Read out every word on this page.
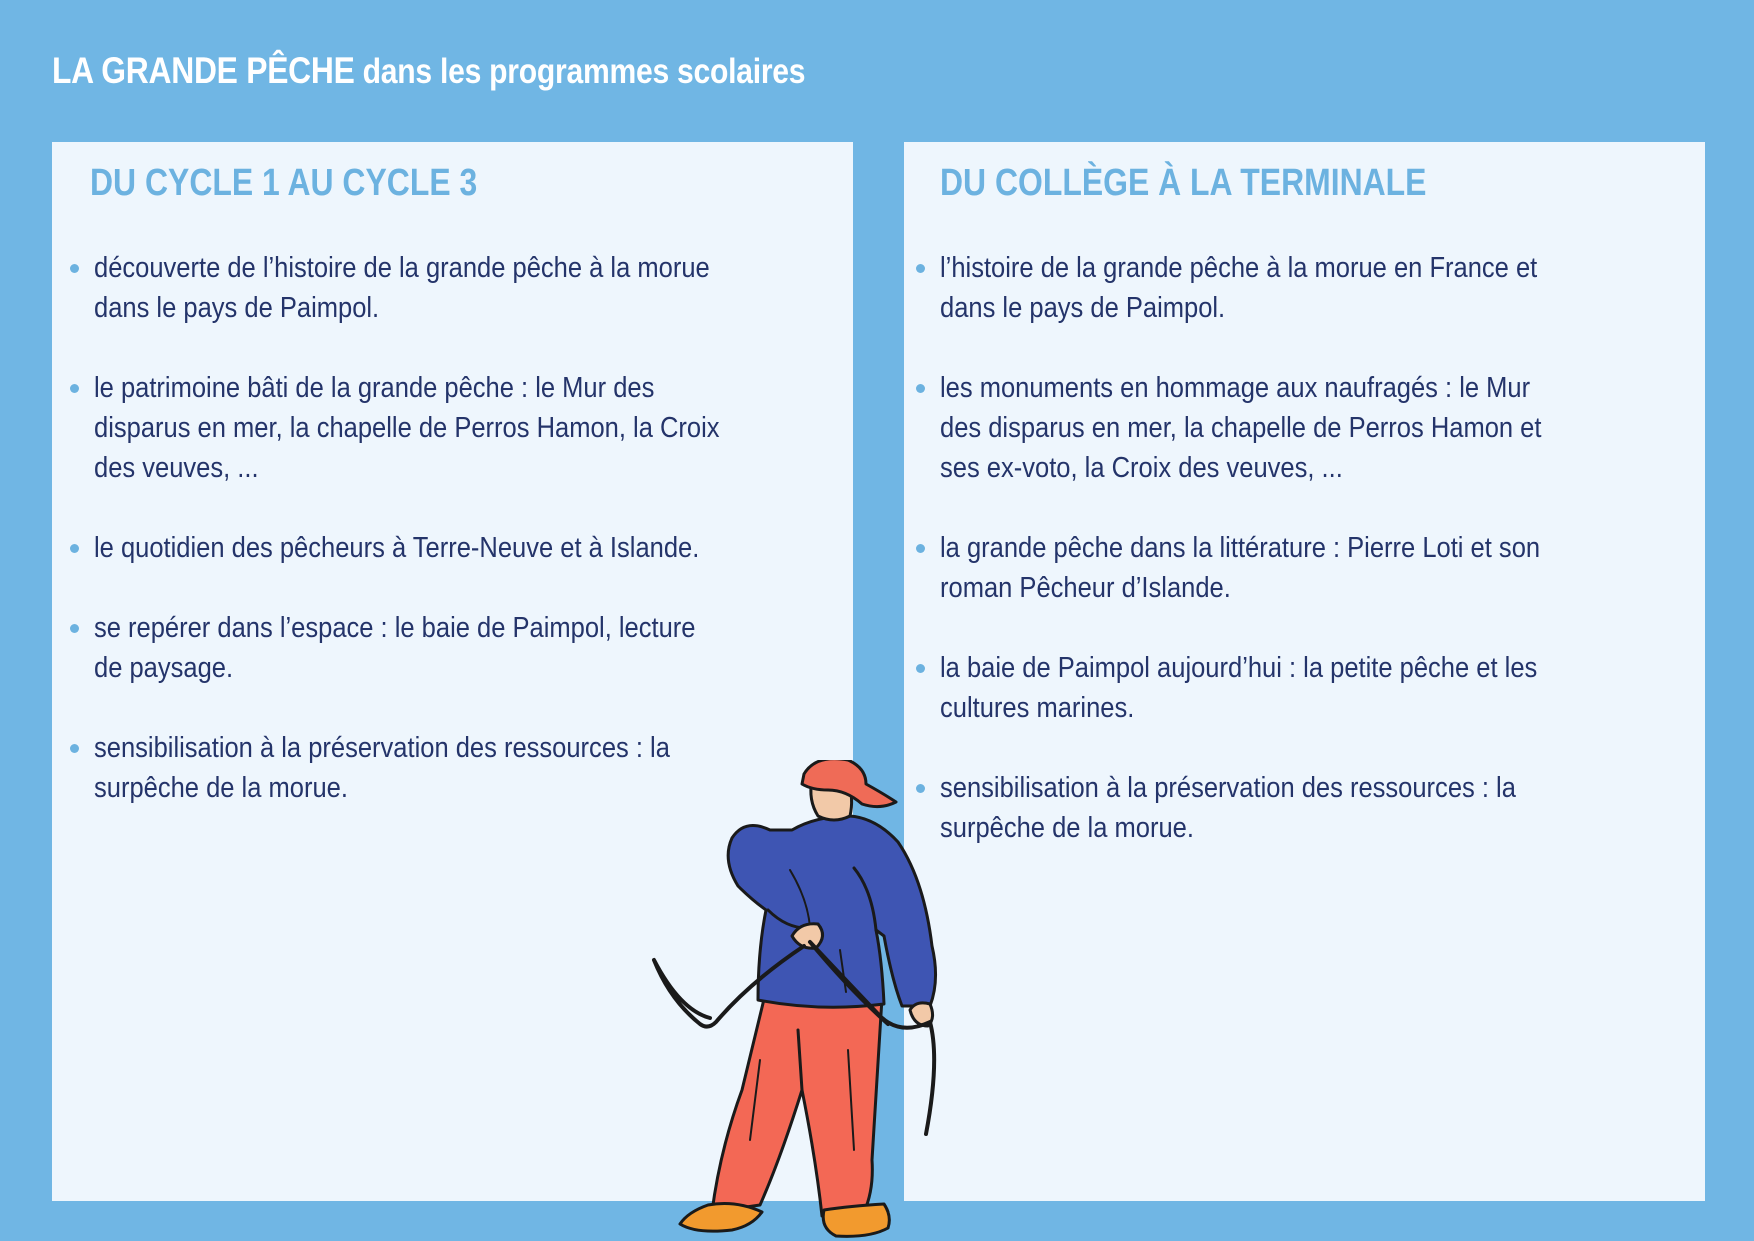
LA GRANDE PÊCHE dans les programmes scolaires
DU CYCLE 1 AU CYCLE 3
découverte de l’histoire de la grande pêche à la morue
dans le pays de Paimpol.
le patrimoine bâti de la grande pêche : le Mur des
disparus en mer, la chapelle de Perros Hamon, la Croix
des veuves, ...
le quotidien des pêcheurs à Terre-Neuve et à Islande.
se repérer dans l’espace : le baie de Paimpol, lecture
de paysage.
sensibilisation à la préservation des ressources : la
surpêche de la morue.
DU COLLÈGE À LA TERMINALE
l’histoire de la grande pêche à la morue en France et
dans le pays de Paimpol.
les monuments en hommage aux naufragés : le Mur
des disparus en mer, la chapelle de Perros Hamon et
ses ex-voto, la Croix des veuves, ...
la grande pêche dans la littérature : Pierre Loti et son
roman Pêcheur d’Islande.
la baie de Paimpol aujourd’hui : la petite pêche et les
cultures marines.
sensibilisation à la préservation des ressources : la
surpêche de la morue.
